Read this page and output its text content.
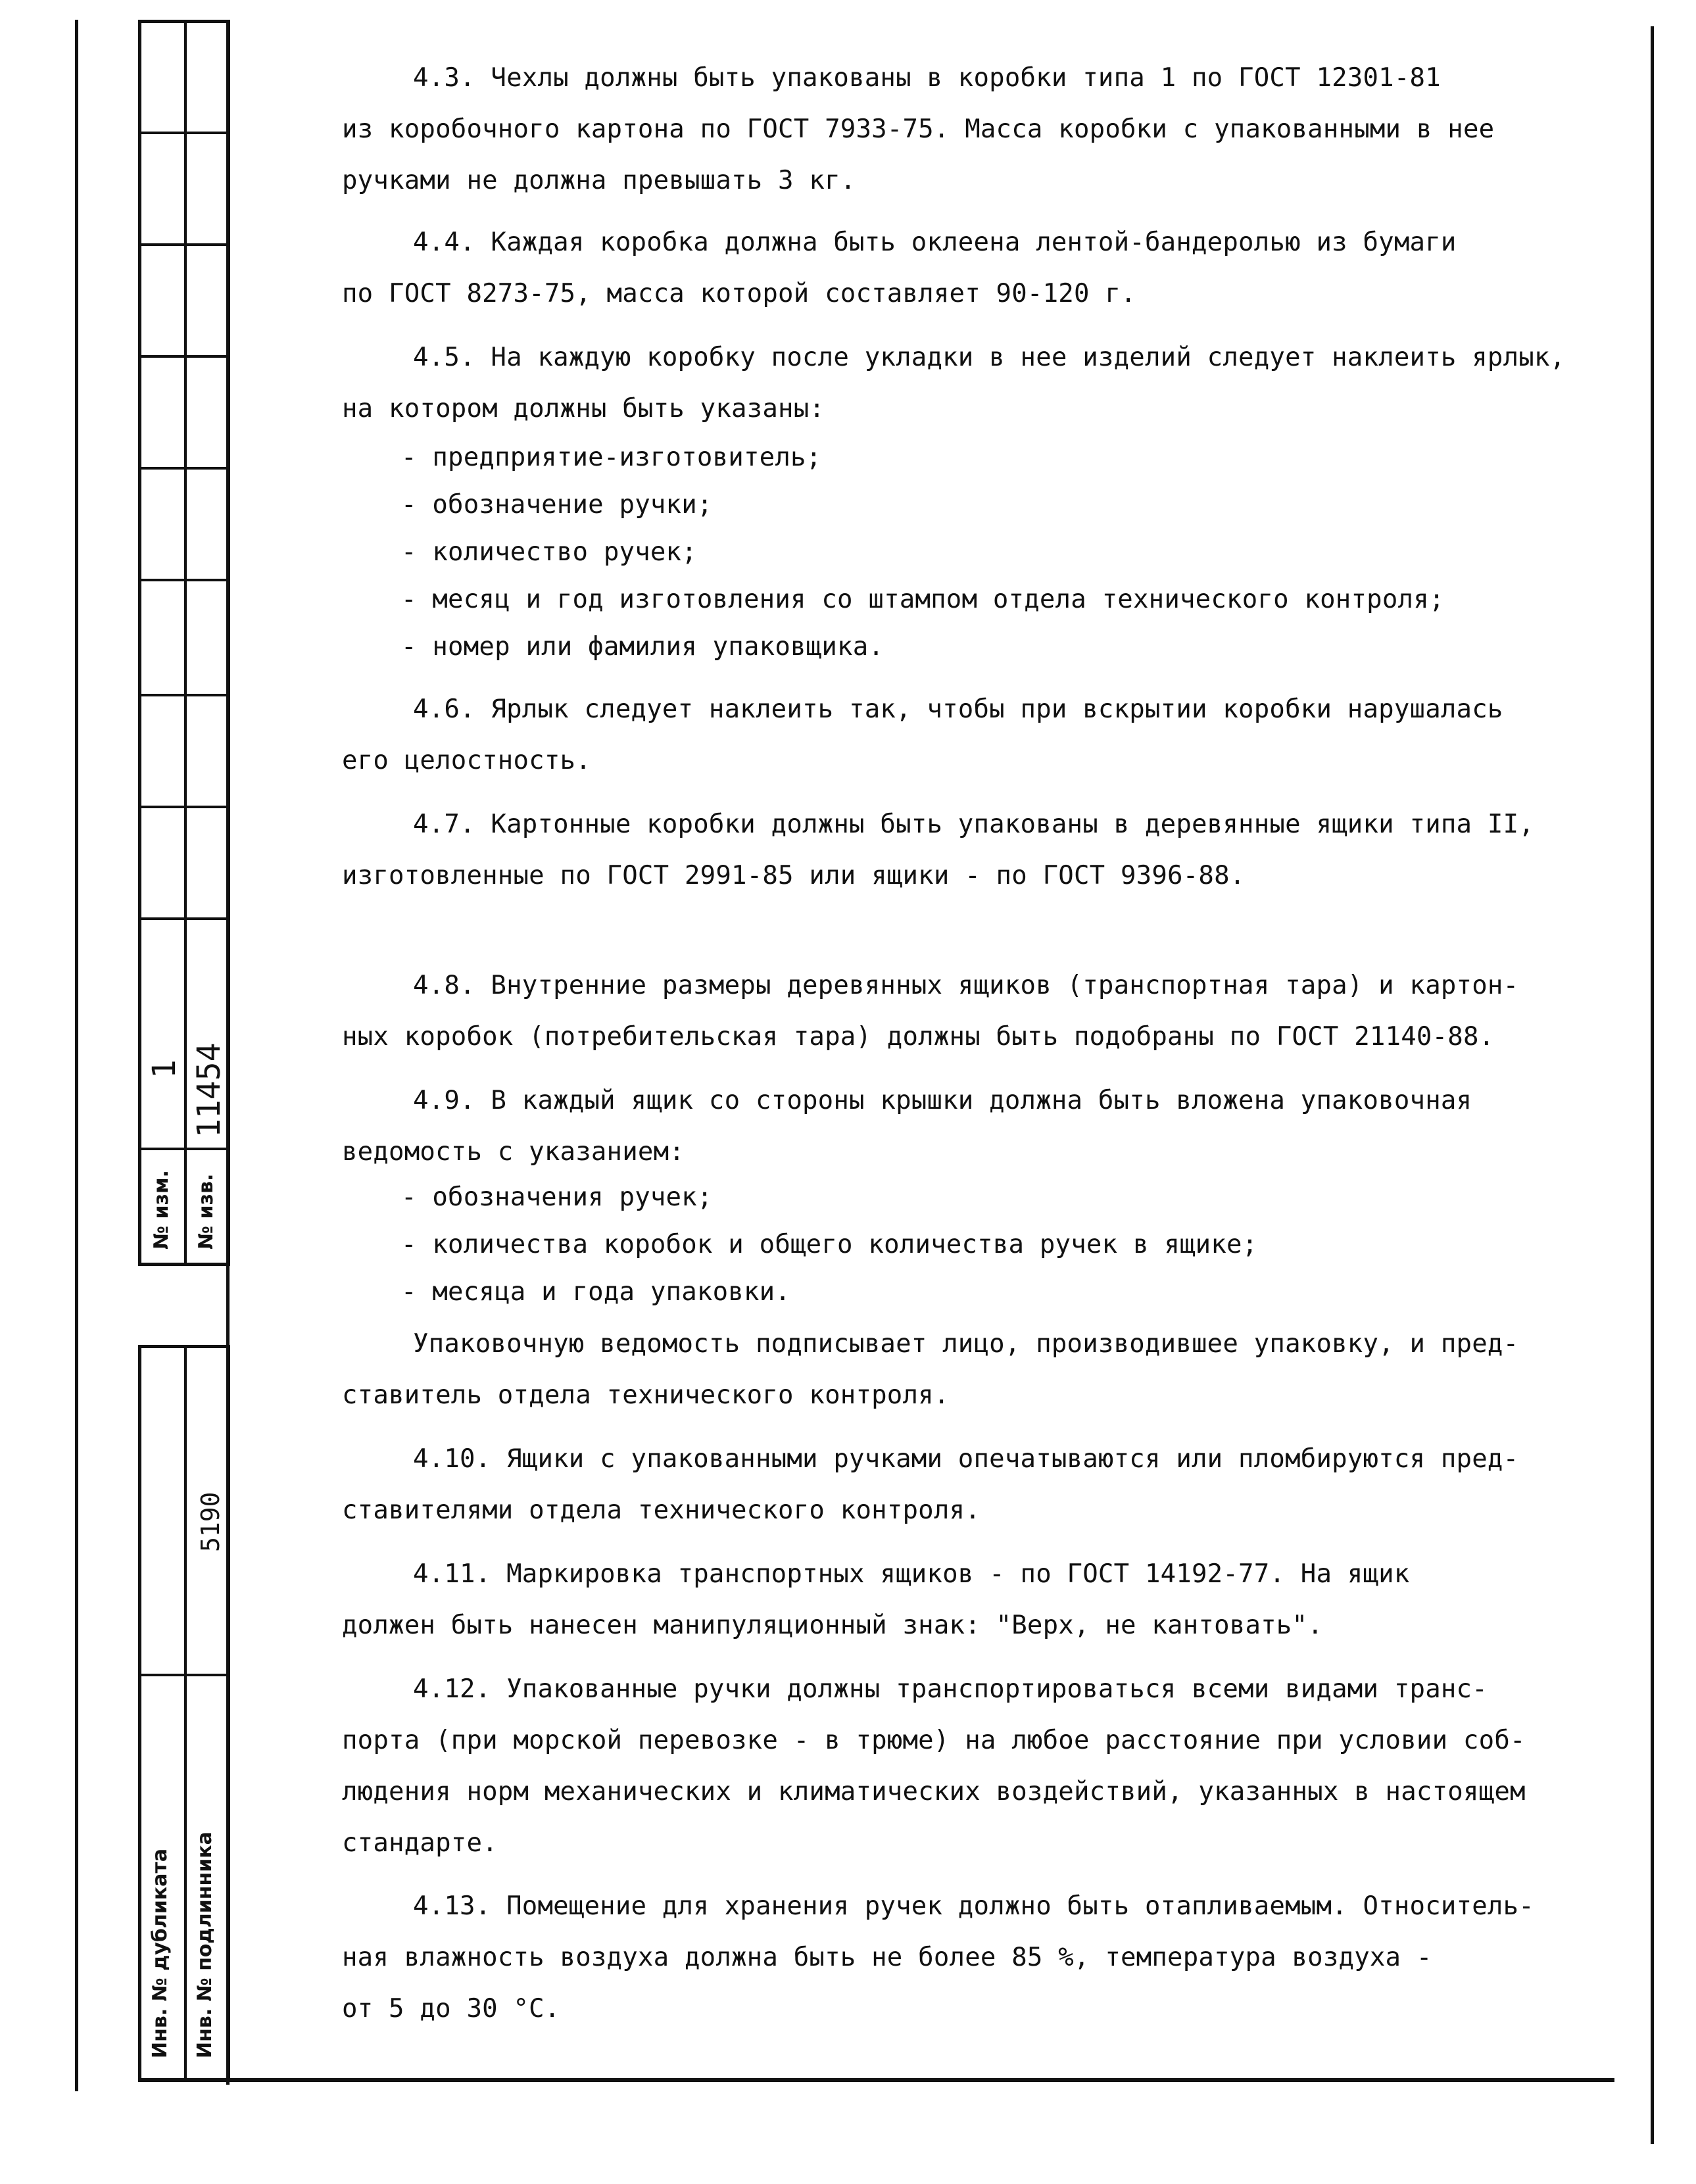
№ изм.
1
№ изв.
11454
5190
Инв. № дубликата Инв. № подлинника
4.3. Чехлы должны быть упакованы в коробки типа 1 по ГОСТ 12301-81
из коробочного картона по ГОСТ 7933-75. Масса коробки с упакованными в нее
ручками не должна превышать 3 кг.
4.4. Каждая коробка должна быть оклеена лентой-бандеролью из бумаги
по ГОСТ 8273-75, масса которой составляет 90-120 г.
4.5. На каждую коробку после укладки в нее изделий следует наклеить ярлык,
на котором должны быть указаны:
- предприятие-изготовитель;
- обозначение ручки;
- количество ручек;
- месяц и год изготовления со штампом отдела технического контроля;
- номер или фамилия упаковщика.
4.6. Ярлык следует наклеить так, чтобы при вскрытии коробки нарушалась
его целостность.
4.7. Картонные коробки должны быть упакованы в деревянные ящики типа II,
изготовленные по ГОСТ 2991-85 или ящики - по ГОСТ 9396-88.
4.8. Внутренние размеры деревянных ящиков (транспортная тара) и картон-
ных коробок (потребительская тара) должны быть подобраны по ГОСТ 21140-88.
4.9. В каждый ящик со стороны крышки должна быть вложена упаковочная
ведомость с указанием:
- обозначения ручек;
- количества коробок и общего количества ручек в ящике;
- месяца и года упаковки.
Упаковочную ведомость подписывает лицо, производившее упаковку, и пред-
ставитель отдела технического контроля.
4.10. Ящики с упакованными ручками опечатываются или пломбируются пред-
ставителями отдела технического контроля.
4.11. Маркировка транспортных ящиков - по ГОСТ 14192-77. На ящик
должен быть нанесен манипуляционный знак: "Верх, не кантовать".
4.12. Упакованные ручки должны транспортироваться всеми видами транс-
порта (при морской перевозке - в трюме) на любое расстояние при условии соб-
людения норм механических и климатических воздействий, указанных в настоящем
стандарте.
4.13. Помещение для хранения ручек должно быть отапливаемым. Относитель-
ная влажность воздуха должна быть не более 85 %, температура воздуха -
от 5 до 30 °С.
